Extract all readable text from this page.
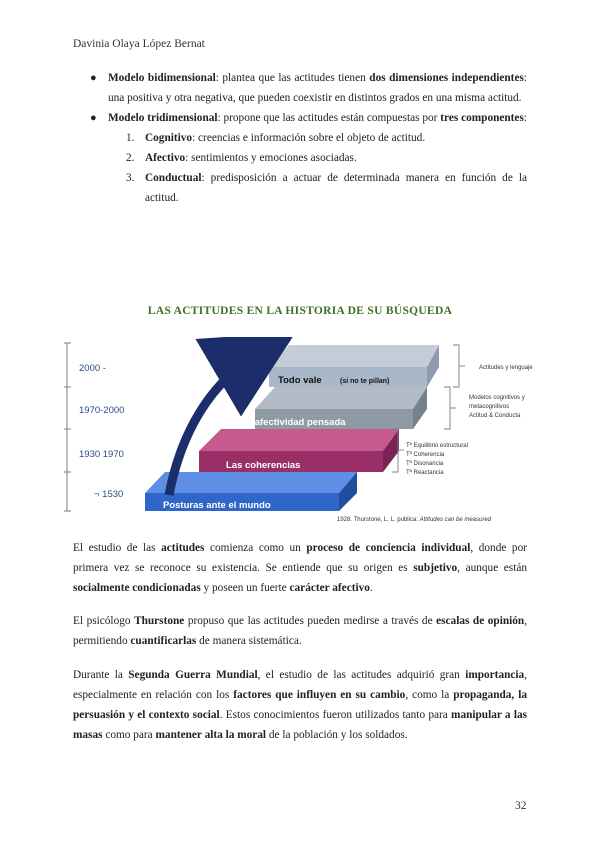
Davinia Olaya López Bernat
● Modelo bidimensional: plantea que las actitudes tienen dos dimensiones independientes: una positiva y otra negativa, que pueden coexistir en distintos grados en una misma actitud.
● Modelo tridimensional: propone que las actitudes están compuestas por tres componentes:
1. Cognitivo: creencias e información sobre el objeto de actitud.
2. Afectivo: sentimientos y emociones asociadas.
3. Conductual: predisposición a actuar de determinada manera en función de la actitud.
LAS ACTITUDES EN LA HISTORIA DE SU BÚSQUEDA
2000 -
1970-2000
1930 1970
¬ 1530
Todo vale	(si no te pillan)
La afectividad pensada
Las coherencias
Posturas ante el mundo
Actitudes y lenguaje
Modelos cognitivos y
metacognitivos
Actitud & Conducta
Tª Equilibrio estructural
Tª Coherencia
Tª Disonancia
Tª Reactancia
1928. Thurstone, L. L. publica: Attitudes can be measured
El estudio de las actitudes comienza como un proceso de conciencia individual, donde por primera vez se reconoce su existencia. Se entiende que su origen es subjetivo, aunque están socialmente condicionadas y poseen un fuerte carácter afectivo.
El psicólogo Thurstone propuso que las actitudes pueden medirse a través de escalas de opinión, permitiendo cuantificarlas de manera sistemática.
Durante la Segunda Guerra Mundial, el estudio de las actitudes adquirió gran importancia, especialmente en relación con los factores que influyen en su cambio, como la propaganda, la persuasión y el contexto social. Estos conocimientos fueron utilizados tanto para manipular a las masas como para mantener alta la moral de la población y los soldados.
32
